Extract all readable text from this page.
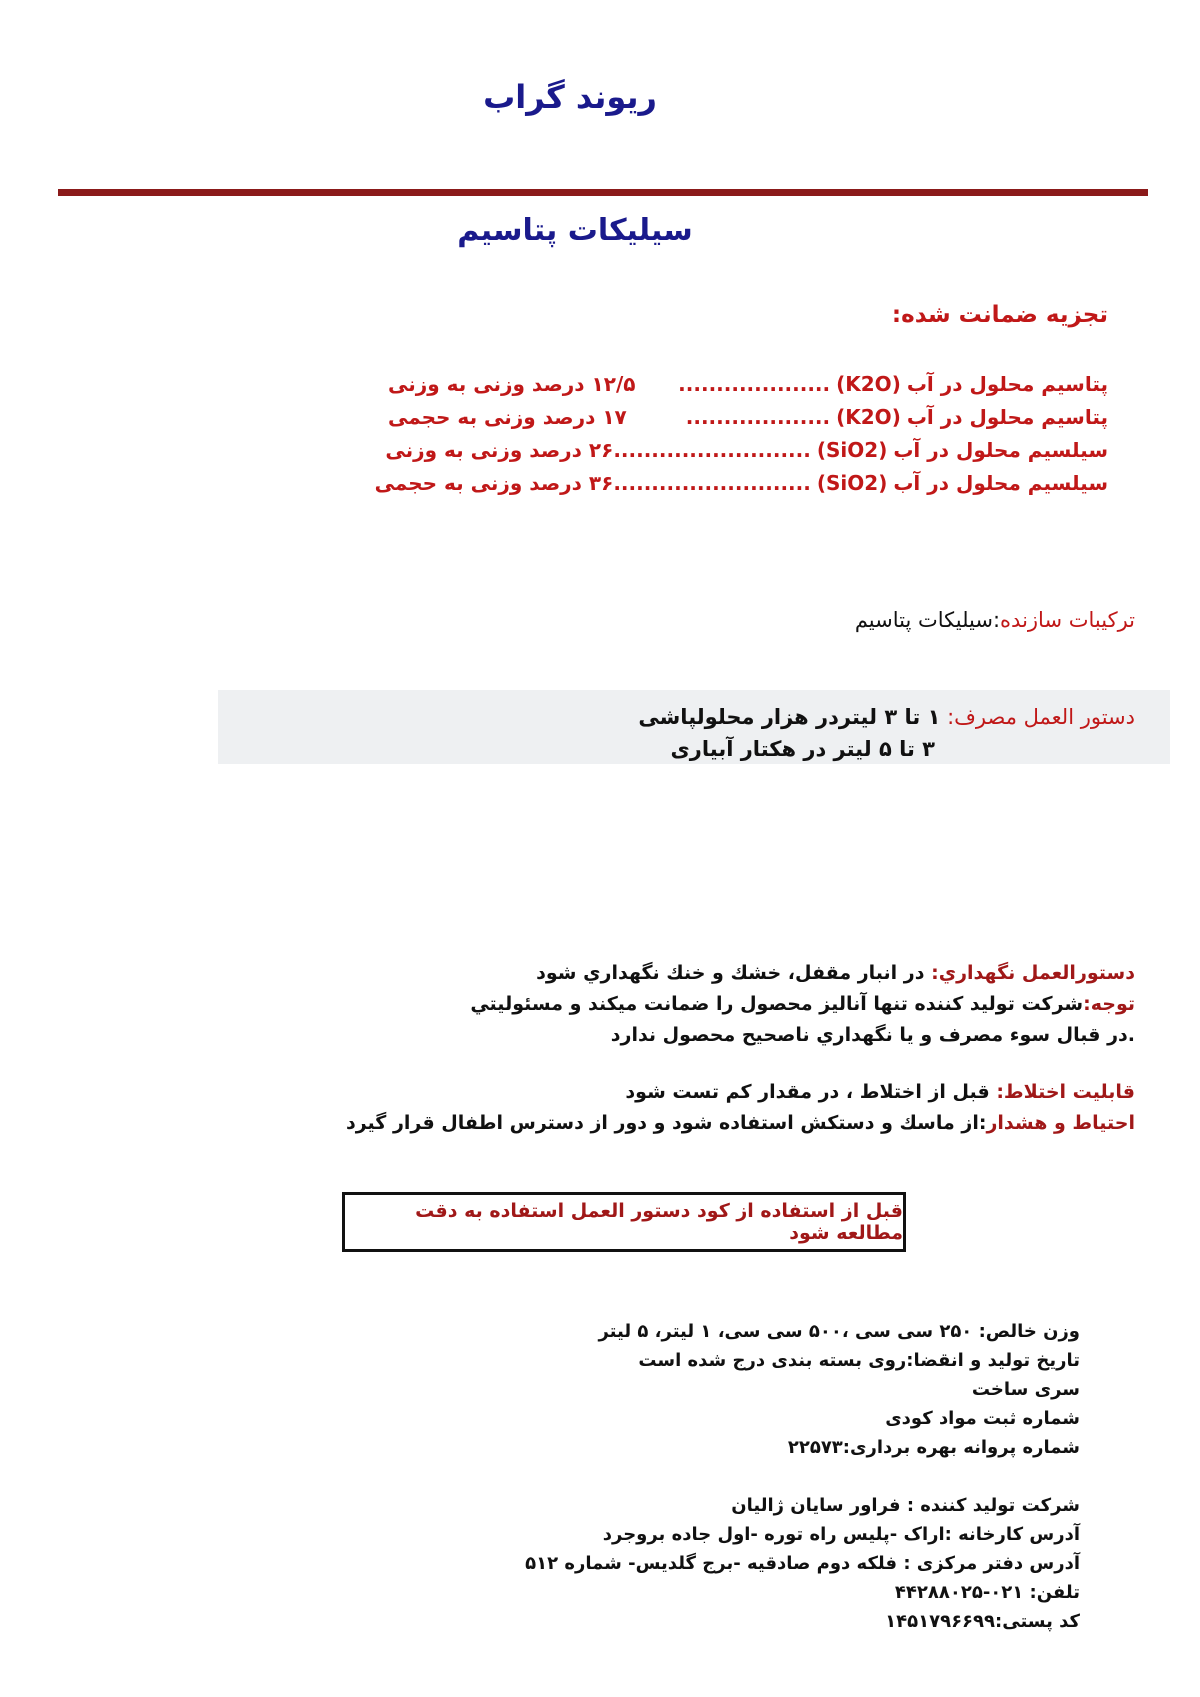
ریوند گراب
سیلیکات پتاسیم
تجزیه ضمانت شده:
پتاسیم محلول در آب
(K2O)
....................
۱۲/۵ درصد وزنی به وزنی
پتاسیم محلول در آب
(K2O)
...................
۱۷ درصد وزنی به حجمی
سیلسیم محلول در آب
(SiO2)
..........................
۲۶ درصد وزنی به وزنی
سیلسیم محلول در آب
(SiO2)
..........................
۳۶ درصد وزنی به حجمی
ترکیبات سازنده:سیلیکات پتاسیم
دستور العمل مصرف: ۱ تا ۳ لیتردر هزار محلولپاشی
۳ تا ۵ لیتر در هکتار آبیاری
دستورالعمل نگهداري: در انبار مقفل، خشك و خنك نگهداري شود
توجه:شركت توليد كننده تنها آناليز محصول را ضمانت ميكند و مسئوليتي
.در قبال سوء مصرف و يا نگهداري ناصحيح محصول ندارد
قابليت اختلاط: قبل از اختلاط ، در مقدار كم تست شود
احتياط و هشدار:از ماسك و دستكش استفاده شود و دور از دسترس اطفال قرار گيرد
قبل از استفاده از کود دستور العمل استفاده به دقت مطالعه شود
وزن خالص: ۲۵۰ سی سی ،۵۰۰ سی سی، ۱ لیتر، ۵ لیتر
تاریخ تولید و انقضا:روی بسته بندی درج شده است
سری ساخت
شماره ثبت مواد کودی
شماره پروانه بهره برداری:۲۲۵۷۳
شرکت تولید کننده : فراور سایان ژالیان
آدرس کارخانه :اراک -پلیس راه توره -اول جاده بروجرد
آدرس دفتر مرکزی : فلکه دوم صادقیه -برج گلدیس- شماره ۵۱۲
تلفن: ۰۲۱-۴۴۲۸۸۰۲۵
کد پستی:۱۴۵۱۷۹۶۶۹۹
